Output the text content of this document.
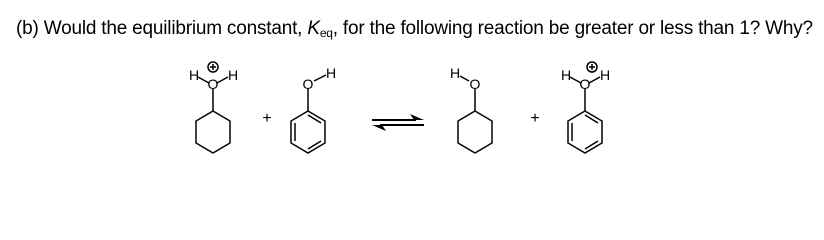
(b) Would the equilibrium constant, $K_{eq}$, for the following reaction be greater or less than 1? Why?
O
H H
+
O
H
O
H
+
O
H H
